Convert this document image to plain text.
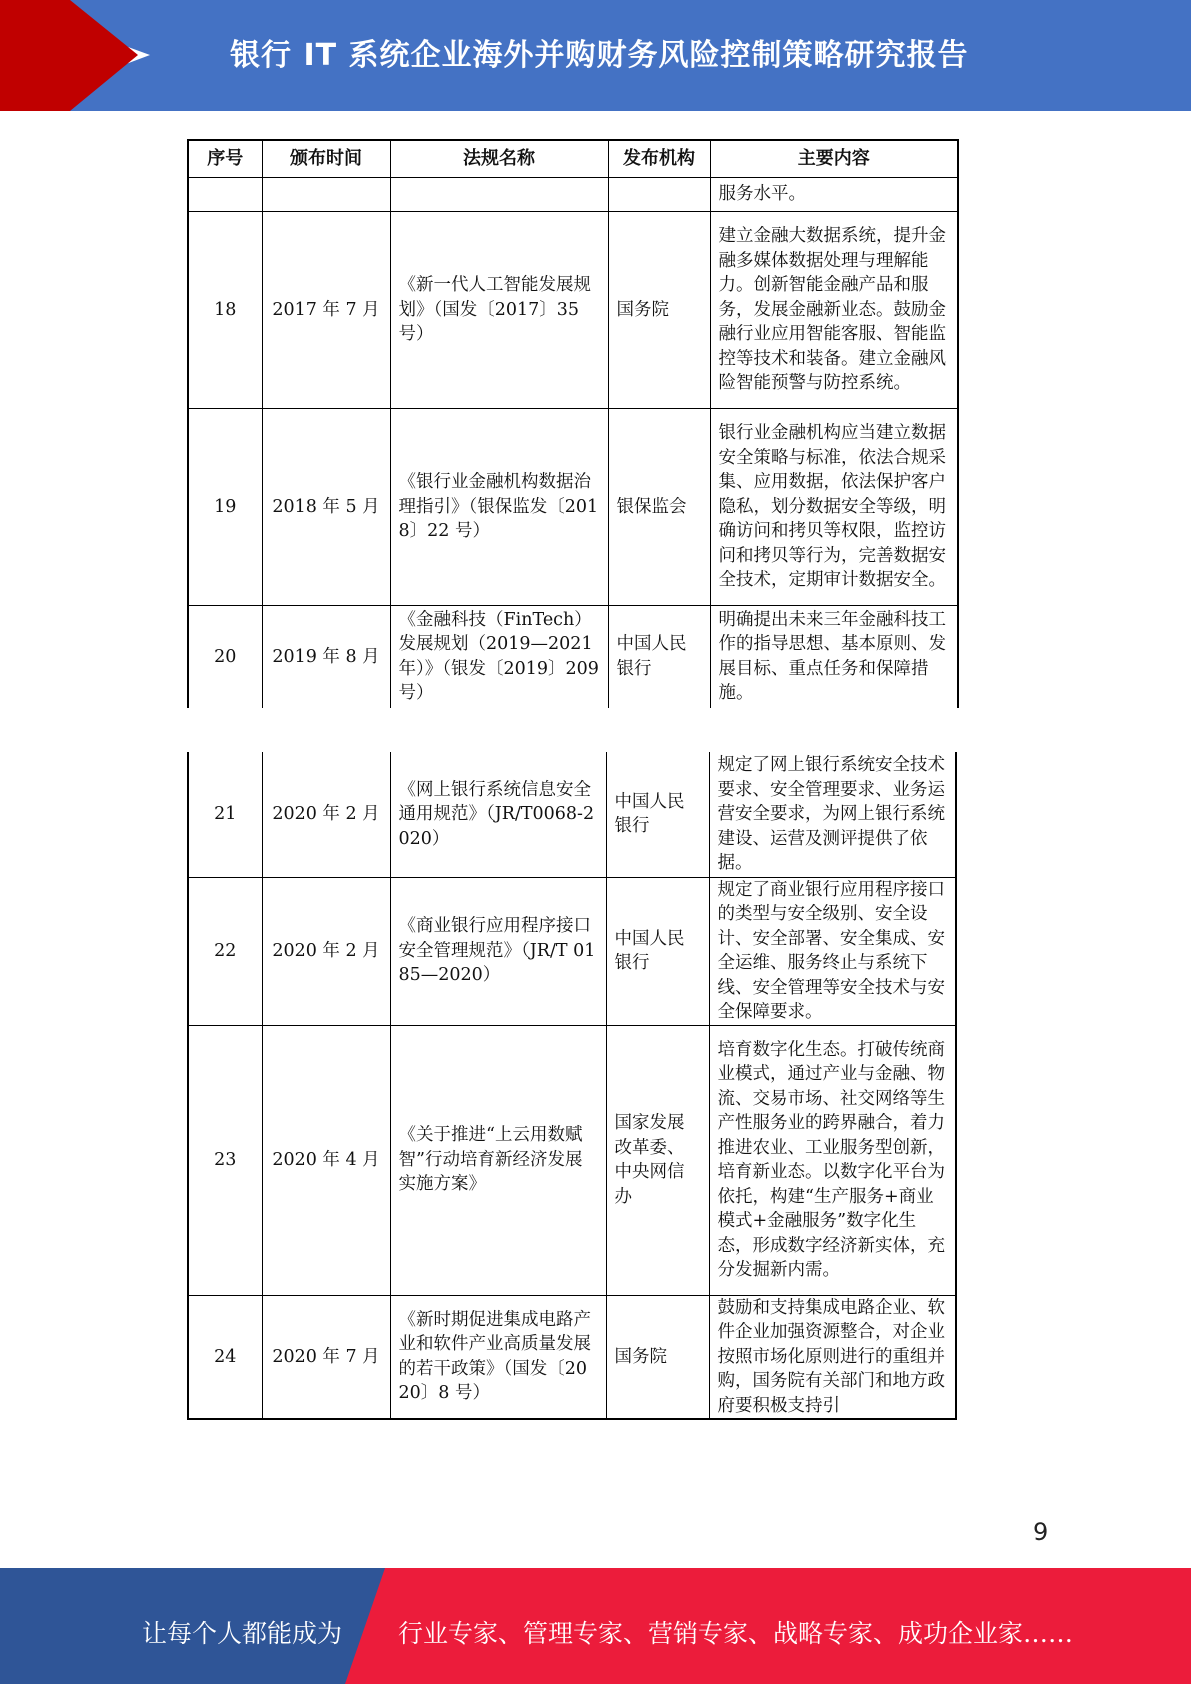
银行 IT 系统企业海外并购财务风险控制策略研究报告
序号	颁布时间	法规名称	发布机构	主要内容
				服务水平。
18	2017 年 7 月	《新一代人工智能发展规划》（国发〔2017〕35 号）	国务院	建立金融大数据系统，提升金融多媒体数据处理与理解能力。创新智能金融产品和服务，发展金融新业态。鼓励金融行业应用智能客服、智能监控等技术和装备。建立金融风险智能预警与防控系统。
19	2018 年 5 月	《银行业金融机构数据治理指引》（银保监发〔2018〕22 号）	银保监会	银行业金融机构应当建立数据安全策略与标准，依法合规采集、应用数据，依法保护客户隐私，划分数据安全等级，明确访问和拷贝等权限，监控访问和拷贝等行为，完善数据安全技术，定期审计数据安全。
20	2019 年 8 月	《金融科技（FinTech）发展规划（2019—2021 年）》（银发〔2019〕209 号）	中国人民银行	明确提出未来三年金融科技工作的指导思想、基本原则、发展目标、重点任务和保障措施。
21	2020 年 2 月	《网上银行系统信息安全通用规范》（JR/T0068-2020）	中国人民银行	规定了网上银行系统安全技术要求、安全管理要求、业务运营安全要求，为网上银行系统建设、运营及测评提供了依据。
22	2020 年 2 月	《商业银行应用程序接口安全管理规范》（JR/T 0185—2020）	中国人民银行	规定了商业银行应用程序接口的类型与安全级别、安全设计、安全部署、安全集成、安全运维、服务终止与系统下线、安全管理等安全技术与安全保障要求。
23	2020 年 4 月	《关于推进“上云用数赋智”行动培育新经济发展实施方案》	国家发展改革委、中央网信办	培育数字化生态。打破传统商业模式，通过产业与金融、物流、交易市场、社交网络等生产性服务业的跨界融合，着力推进农业、工业服务型创新，培育新业态。以数字化平台为依托，构建“生产服务+商业模式+金融服务”数字化生态，形成数字经济新实体，充分发掘新内需。
24	2020 年 7 月	《新时期促进集成电路产业和软件产业高质量发展的若干政策》（国发〔2020〕8 号）	国务院	鼓励和支持集成电路企业、软件企业加强资源整合，对企业按照市场化原则进行的重组并购，国务院有关部门和地方政府要积极支持引
9
让每个人都能成为 行业专家、管理专家、营销专家、战略专家、成功企业家……
